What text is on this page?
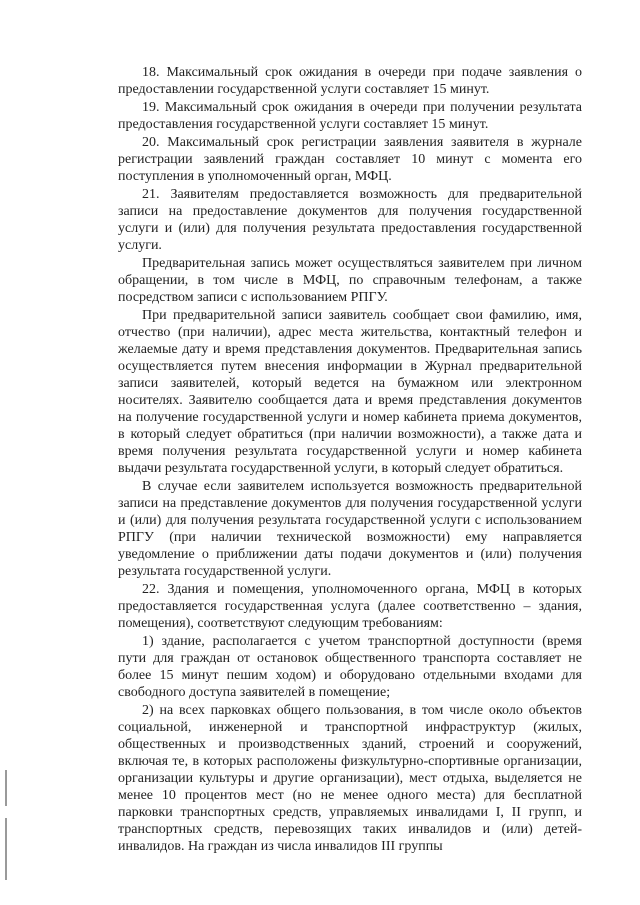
18. Максимальный срок ожидания в очереди при подаче заявления о предоставлении государственной услуги составляет 15 минут.

19. Максимальный срок ожидания в очереди при получении результата предоставления государственной услуги составляет 15 минут.

20. Максимальный срок регистрации заявления заявителя в журнале регистрации заявлений граждан составляет 10 минут с момента его поступления в уполномоченный орган, МФЦ.

21. Заявителям предоставляется возможность для предварительной записи на предоставление документов для получения государственной услуги и (или) для получения результата предоставления государственной услуги.

Предварительная запись может осуществляться заявителем при личном обращении, в том числе в МФЦ, по справочным телефонам, а также посредством записи с использованием РПГУ.

При предварительной записи заявитель сообщает свои фамилию, имя, отчество (при наличии), адрес места жительства, контактный телефон и желаемые дату и время представления документов. Предварительная запись осуществляется путем внесения информации в Журнал предварительной записи заявителей, который ведется на бумажном или электронном носителях. Заявителю сообщается дата и время представления документов на получение государственной услуги и номер кабинета приема документов, в который следует обратиться (при наличии возможности), а также дата и время получения результата государственной услуги и номер кабинета выдачи результата государственной услуги, в который следует обратиться.

В случае если заявителем используется возможность предварительной записи на представление документов для получения государственной услуги и (или) для получения результата государственной услуги с использованием РПГУ (при наличии технической возможности) ему направляется уведомление о приближении даты подачи документов и (или) получения результата государственной услуги.

22. Здания и помещения, уполномоченного органа, МФЦ в которых предоставляется государственная услуга (далее соответственно – здания, помещения), соответствуют следующим требованиям:

1) здание, располагается с учетом транспортной доступности (время пути для граждан от остановок общественного транспорта составляет не более 15 минут пешим ходом) и оборудовано отдельными входами для свободного доступа заявителей в помещение;

2) на всех парковках общего пользования, в том числе около объектов социальной, инженерной и транспортной инфраструктур (жилых, общественных и производственных зданий, строений и сооружений, включая те, в которых расположены физкультурно-спортивные организации, организации культуры и другие организации), мест отдыха, выделяется не менее 10 процентов мест (но не менее одного места) для бесплатной парковки транспортных средств, управляемых инвалидами I, II групп, и транспортных средств, перевозящих таких инвалидов и (или) детей-инвалидов. На граждан из числа инвалидов III группы
